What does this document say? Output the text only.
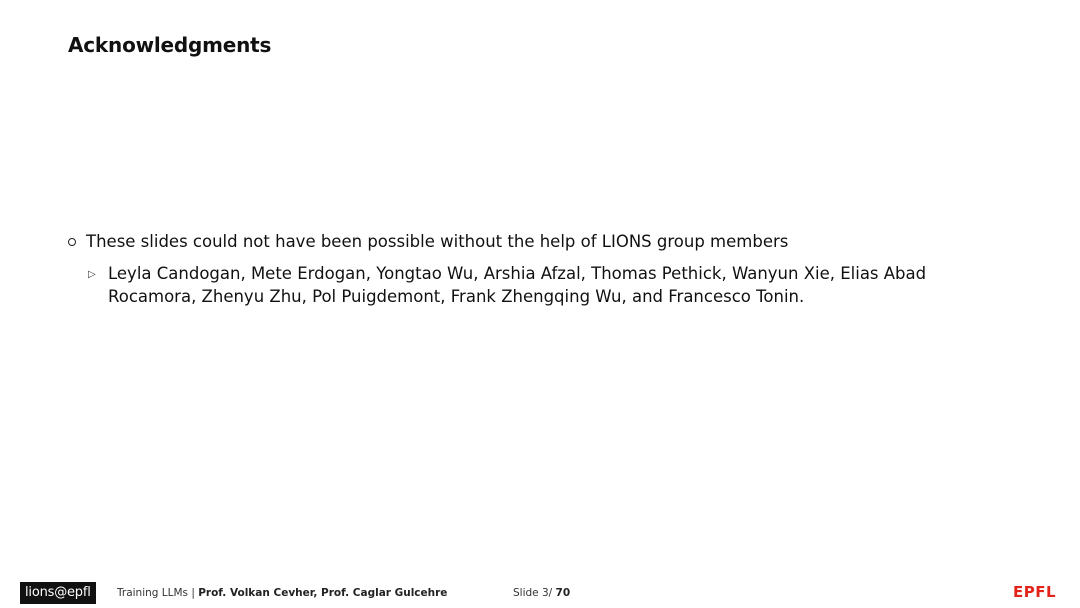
Acknowledgments
These slides could not have been possible without the help of LIONS group members
▷ Leyla Candogan, Mete Erdogan, Yongtao Wu, Arshia Afzal, Thomas Pethick, Wanyun Xie, Elias Abad Rocamora, Zhenyu Zhu, Pol Puigdemont, Frank Zhengqing Wu, and Francesco Tonin.
lions@epfl	Training LLMs | Prof. Volkan Cevher, Prof. Caglar Gulcehre	Slide 3/ 70	EPFL
